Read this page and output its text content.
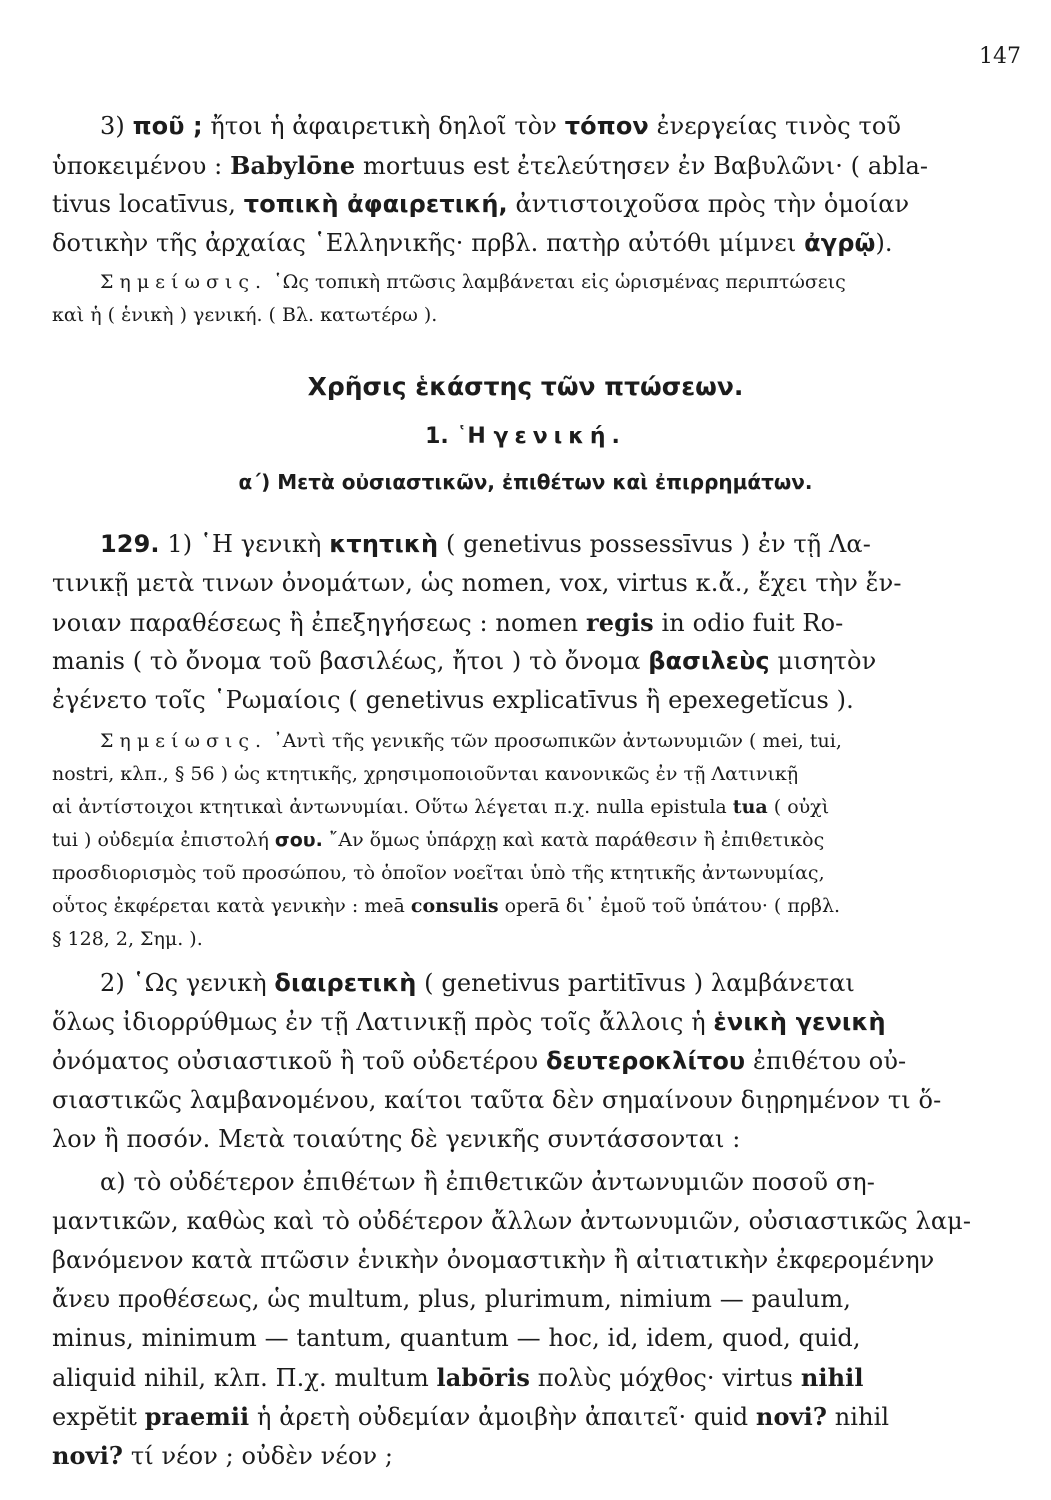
147
3) ποῦ ; ἤτοι ἡ ἀφαιρετικὴ δηλοῖ τὸν τόπον ἐνεργείας τινὸς τοῦ
ὑποκειμένου : Babylōne mortuus est ἐτελεύτησεν ἐν Βαβυλῶνι· ( abla-
tivus locatīvus, τοπικὴ ἀφαιρετική, ἀντιστοιχοῦσα πρὸς τὴν ὁμοίαν
δοτικὴν τῆς ἀρχαίας ῾Ελληνικῆς· πρβλ. πατὴρ αὐτόθι μίμνει ἀγρῷ).
Σημείωσις. ῾Ως τοπικὴ πτῶσις λαμβάνεται εἰς ὡρισμένας περιπτώσεις
καὶ ἡ ( ἑνικὴ ) γενική. ( Βλ. κατωτέρω ).
Χρῆσις ἑκάστης τῶν πτώσεων.
1. ῾Η γενική.
α΄) Μετὰ οὐσιαστικῶν, ἐπιθέτων καὶ ἐπιρρημάτων.
129. 1) ῾Η γενικὴ κτητικὴ ( genetivus possessīvus ) ἐν τῇ Λα-
τινικῇ μετὰ τινων ὀνομάτων, ὡς nomen, vox, virtus κ.ἄ., ἔχει τὴν ἔν-
νοιαν παραθέσεως ἢ ἐπεξηγήσεως : nomen regis in odio fuit Ro-
manis ( τὸ ὄνομα τοῦ βασιλέως, ἤτοι ) τὸ ὄνομα βασιλεὺς μισητὸν
ἐγένετο τοῖς ῾Ρωμαίοις ( genetivus explicatīvus ἢ epexegetĭcus ).
Σημείωσις. ᾿Αντὶ τῆς γενικῆς τῶν προσωπικῶν ἀντωνυμιῶν ( mei, tui,
nostri, κλπ., § 56 ) ὡς κτητικῆς, χρησιμοποιοῦνται κανονικῶς ἐν τῇ Λατινικῇ
αἱ ἀντίστοιχοι κτητικαὶ ἀντωνυμίαι. Οὕτω λέγεται π.χ. nulla epistula tua ( οὐχὶ
tui ) οὐδεμία ἐπιστολή σου. ῎Αν ὅμως ὑπάρχῃ καὶ κατὰ παράθεσιν ἢ ἐπιθετικὸς
προσδιορισμὸς τοῦ προσώπου, τὸ ὁποῖον νοεῖται ὑπὸ τῆς κτητικῆς ἀντωνυμίας,
οὗτος ἐκφέρεται κατὰ γενικὴν : meā consulis operā δι᾿ ἐμοῦ τοῦ ὑπάτου· ( πρβλ.
§ 128, 2, Σημ. ).
2) ῾Ως γενικὴ διαιρετικὴ ( genetivus partitīvus ) λαμβάνεται
ὅλως ἰδιορρύθμως ἐν τῇ Λατινικῇ πρὸς τοῖς ἄλλοις ἡ ἑνικὴ γενικὴ
ὀνόματος οὐσιαστικοῦ ἢ τοῦ οὐδετέρου δευτεροκλίτου ἐπιθέτου οὐ-
σιαστικῶς λαμβανομένου, καίτοι ταῦτα δὲν σημαίνουν διῃρημένον τι ὅ-
λον ἢ ποσόν. Μετὰ τοιαύτης δὲ γενικῆς συντάσσονται :
α) τὸ οὐδέτερον ἐπιθέτων ἢ ἐπιθετικῶν ἀντωνυμιῶν ποσοῦ ση-
μαντικῶν, καθὼς καὶ τὸ οὐδέτερον ἄλλων ἀντωνυμιῶν, οὐσιαστικῶς λαμ-
βανόμενον κατὰ πτῶσιν ἑνικὴν ὀνομαστικὴν ἢ αἰτιατικὴν ἐκφερομένην
ἄνευ προθέσεως, ὡς multum, plus, plurimum, nimium — paulum,
minus, minimum — tantum, quantum — hoc, id, idem, quod, quid,
aliquid nihil, κλπ. Π.χ. multum labōris πολὺς μόχθος· virtus nihil
expĕtit praemii ἡ ἀρετὴ οὐδεμίαν ἀμοιβὴν ἀπαιτεῖ· quid novi? nihil
novi? τί νέον ; οὐδὲν νέον ;
